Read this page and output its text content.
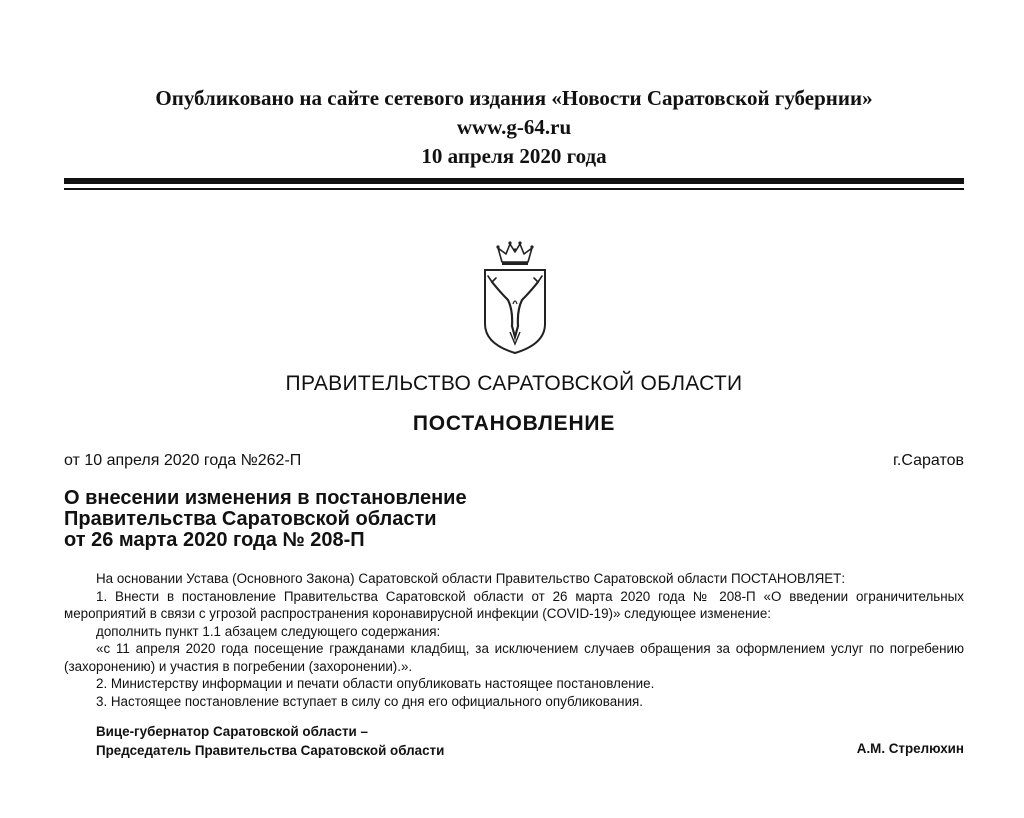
Опубликовано на сайте сетевого издания «Новости Саратовской губернии»
www.g-64.ru
10 апреля 2020 года
ПРАВИТЕЛЬСТВО САРАТОВСКОЙ ОБЛАСТИ
ПОСТАНОВЛЕНИЕ
от 10 апреля 2020 года №262-П	г.Саратов
О внесении изменения в постановление
Правительства Саратовской области
от 26 марта 2020 года № 208-П
На основании Устава (Основного Закона) Саратовской области Правительство Саратовской области ПОСТАНОВЛЯЕТ:
1. Внести в постановление Правительства Саратовской области от 26 марта 2020 года № 208-П «О введении ограничительных мероприятий в связи с угрозой распространения коронавирусной инфекции (COVID-19)» следующее изменение:
дополнить пункт 1.1 абзацем следующего содержания:
«с 11 апреля 2020 года посещение гражданами кладбищ, за исключением случаев обращения за оформлением услуг по погребению (захоронению) и участия в погребении (захоронении).».
2. Министерству информации и печати области опубликовать настоящее постановление.
3. Настоящее постановление вступает в силу со дня его официального опубликования.
Вице-губернатор Саратовской области –
Председатель Правительства Саратовской области	А.М. Стрелюхин
